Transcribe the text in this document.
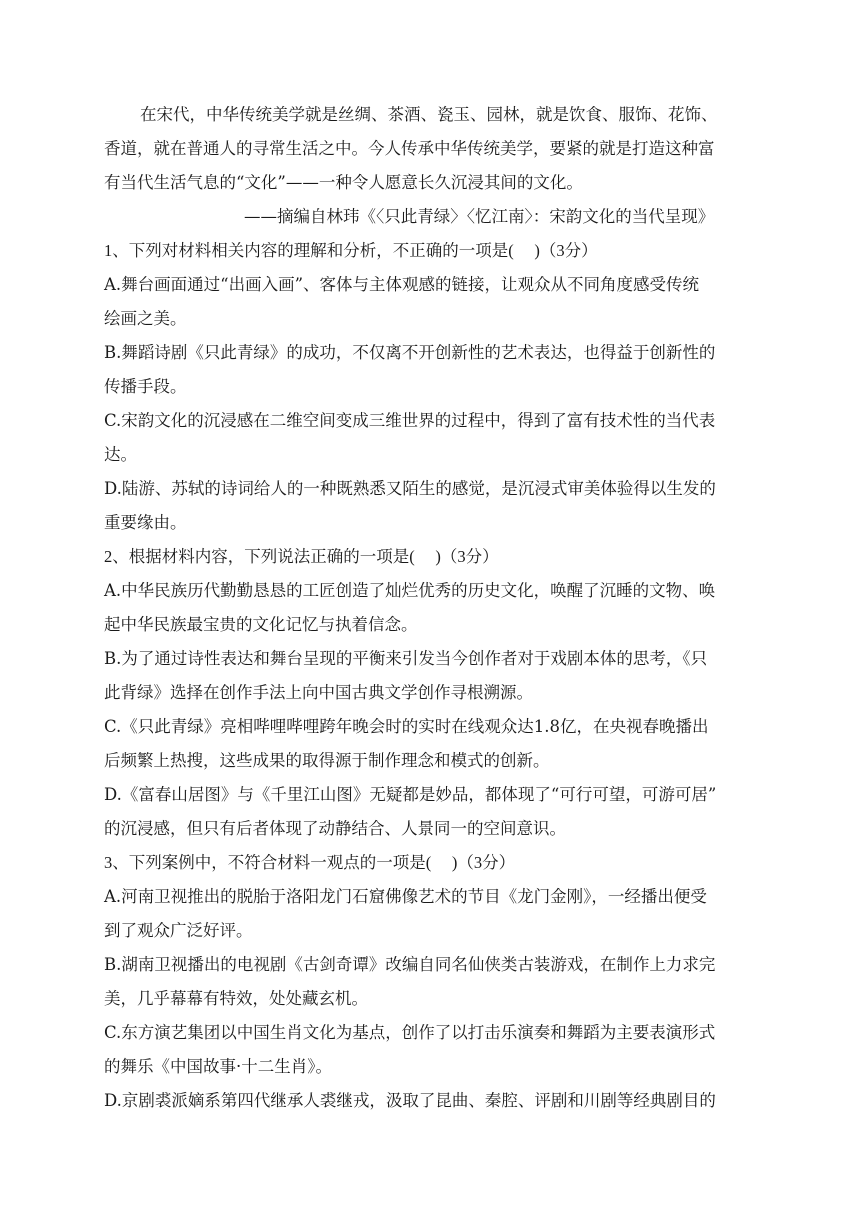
在宋代，中华传统美学就是丝绸、茶酒、瓷玉、园林，就是饮食、服饰、花饰、
香道，就在普通人的寻常生活之中。今人传承中华传统美学，要紧的就是打造这种富
有当代生活气息的“文化”——一种令人愿意长久沉浸其间的文化。
——摘编自林玮《〈只此青绿〉〈忆江南〉：宋韵文化的当代呈现》
1、下列对材料相关内容的理解和分析，不正确的一项是(　 )（3分）
A.舞台画面通过“出画入画”、客体与主体观感的链接，让观众从不同角度感受传统
绘画之美。
B.舞蹈诗剧《只此青绿》的成功，不仅离不开创新性的艺术表达，也得益于创新性的
传播手段。
C.宋韵文化的沉浸感在二维空间变成三维世界的过程中，得到了富有技术性的当代表
达。
D.陆游、苏轼的诗词给人的一种既熟悉又陌生的感觉，是沉浸式审美体验得以生发的
重要缘由。
2、根据材料内容，下列说法正确的一项是(　 )（3分）
A.中华民族历代勤勤恳恳的工匠创造了灿烂优秀的历史文化，唤醒了沉睡的文物、唤
起中华民族最宝贵的文化记忆与执着信念。
B.为了通过诗性表达和舞台呈现的平衡来引发当今创作者对于戏剧本体的思考，《只
此背绿》选择在创作手法上向中国古典文学创作寻根溯源。
C.《只此青绿》亮相哔哩哔哩跨年晚会时的实时在线观众达1.8亿，在央视春晚播出
后频繁上热搜，这些成果的取得源于制作理念和模式的创新。
D.《富春山居图》与《千里江山图》无疑都是妙品，都体现了“可行可望，可游可居”
的沉浸感，但只有后者体现了动静结合、人景同一的空间意识。
3、下列案例中，不符合材料一观点的一项是(　 )（3分）
A.河南卫视推出的脱胎于洛阳龙门石窟佛像艺术的节目《龙门金刚》，一经播出便受
到了观众广泛好评。
B.湖南卫视播出的电视剧《古剑奇谭》改编自同名仙侠类古装游戏，在制作上力求完
美，几乎幕幕有特效，处处藏玄机。
C.东方演艺集团以中国生肖文化为基点，创作了以打击乐演奏和舞蹈为主要表演形式
的舞乐《中国故事·十二生肖》。
D.京剧裘派嫡系第四代继承人裘继戎，汲取了昆曲、秦腔、评剧和川剧等经典剧目的
